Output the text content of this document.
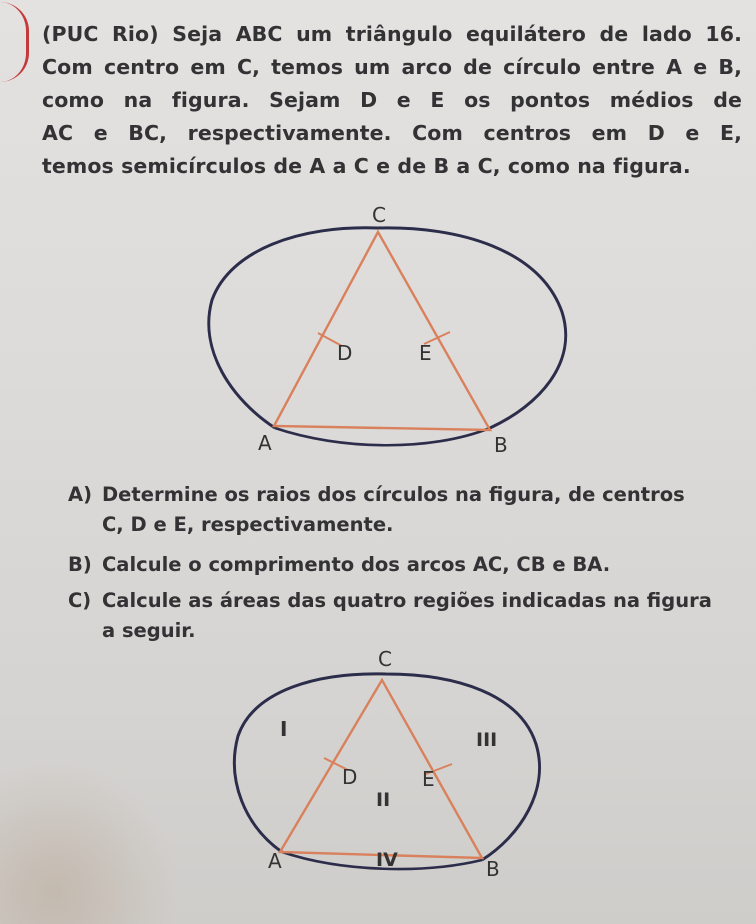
(PUC Rio) Seja ABC um triângulo equilátero de lado 16.
Com centro em C, temos um arco de círculo entre A e B,
como na figura. Sejam D e E os pontos médios de
AC e BC, respectivamente. Com centros em D e E,
temos semicírculos de A a C e de B a C, como na figura.
C
D	E
A	B
C
D	E
A	B
I
II
III
IV
A) Determine os raios dos círculos na figura, de centros
C, D e E, respectivamente.
B) Calcule o comprimento dos arcos AC, CB e BA.
C) Calcule as áreas das quatro regiões indicadas na figura
a seguir.
